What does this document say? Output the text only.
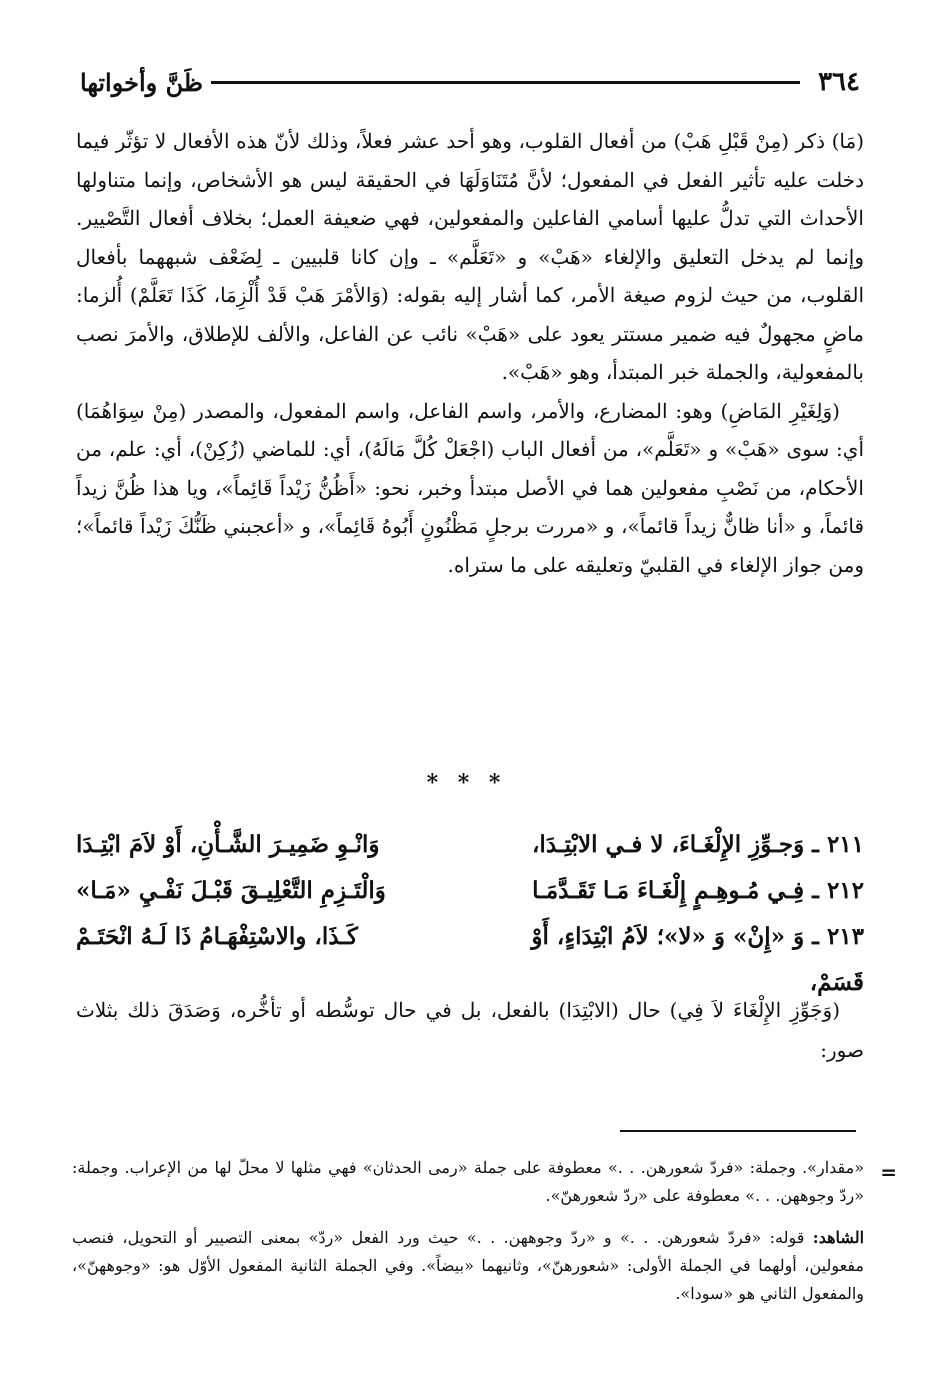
٣٦٤
ظَنَّ وأخواتها

(مَا) ذكر (مِنْ قَبْلِ هَبْ) من أفعال القلوب، وهو أحد عشر فعلاً، وذلك لأنّ هذه الأفعال لا تؤثّر فيما دخلت عليه تأثير الفعل في المفعول؛ لأنَّ مُتَنَاوَلَهَا في الحقيقة ليس هو الأشخاص، وإنما متناولها الأحداث التي تدلُّ عليها أسامي الفاعلين والمفعولين، فهي ضعيفة العمل؛ بخلاف أفعال التَّصْيير. وإنما لم يدخل التعليق والإلغاء «هَبْ» و «تَعَلَّم» ـ وإن كانا قلبيين ـ لِضَعْف شبههما بأفعال القلوب، من حيث لزوم صيغة الأمر، كما أشار إليه بقوله: (وَالأمْرَ هَبْ قَدْ أُلْزِمَا، كَذَا تَعَلَّمْ) أُلزما: ماضٍ مجهولٌ فيه ضمير مستتر يعود على «هَبْ» نائب عن الفاعل، والألف للإطلاق، والأمرَ نصب بالمفعولية، والجملة خبر المبتدأ، وهو «هَبْ».

(وَلِغَيْرِ المَاضِ) وهو: المضارع، والأمر، واسم الفاعل، واسم المفعول، والمصدر (مِنْ سِوَاهُمَا) أي: سوى «هَبْ» و «تَعَلَّم»، من أفعال الباب (اجْعَلْ كُلَّ مَالَهُ)، أي: للماضي (زُكِنْ)، أي: علم، من الأحكام، من نَصْبِ مفعولين هما في الأصل مبتدأ وخبر، نحو: «أَظُنُّ زَيْداً قَائِماً»، ويا هذا ظُنَّ زيداً قائماً، و «أنا ظانٌّ زيداً قائماً»، و «مررت برجلٍ مَظْنُونٍ أَبُوهُ قَائِماً»، و «أعجبني ظَنُّكَ زَيْداً قائماً»؛ ومن جواز الإلغاء في القلبيّ وتعليقه على ما ستراه.

* * *
٢١١ ـ وَجـوِّزِ الإِلْغَـاءَ، لا فـي الابْتِـدَا،
وَانْـوِ ضَمِيـرَ الشَّـأْنِ، أَوْ لاَمَ ابْتِـدَا
٢١٢ ـ فِـي مُـوهِـمٍ إِلْغَـاءَ مَـا تَقَـدَّمَـا
وَالْتَـزِمِ التَّعْلِيـقَ قَبْـلَ نَفْـيِ «مَـا»
٢١٣ ـ وَ «إِنْ» وَ «لا»؛ لاَمُ ابْتِدَاءٍ، أَوْ قَسَمْ،
كَـذَا، والاسْتِفْهَـامُ ذَا لَـهُ انْحَتَـمْ

(وَجَوِّزِ الإِلْغَاءَ لاَ فِي) حال (الابْتِدَا) بالفعل، بل في حال توسُّطه أو تأخُّره، وَصَدَقَ ذلك بثلاث صور:

=

«مقدار». وجملة: «فردّ شعورهن. . .» معطوفة على جملة «رمى الحدثان» فهي مثلها لا محلّ لها من الإعراب. وجملة: «ردّ وجوههن. . .» معطوفة على «ردّ شعورهنّ».

الشاهد: قوله: «فردّ شعورهن. . .» و «ردّ وجوههن. . .» حيث ورد الفعل «ردّ» بمعنى التصيير أو التحويل، فنصب مفعولين، أولهما في الجملة الأولى: «شعورهنّ»، وثانيهما «بيضاً». وفي الجملة الثانية المفعول الأوّل هو: «وجوههنّ»، والمفعول الثاني هو «سودا».
